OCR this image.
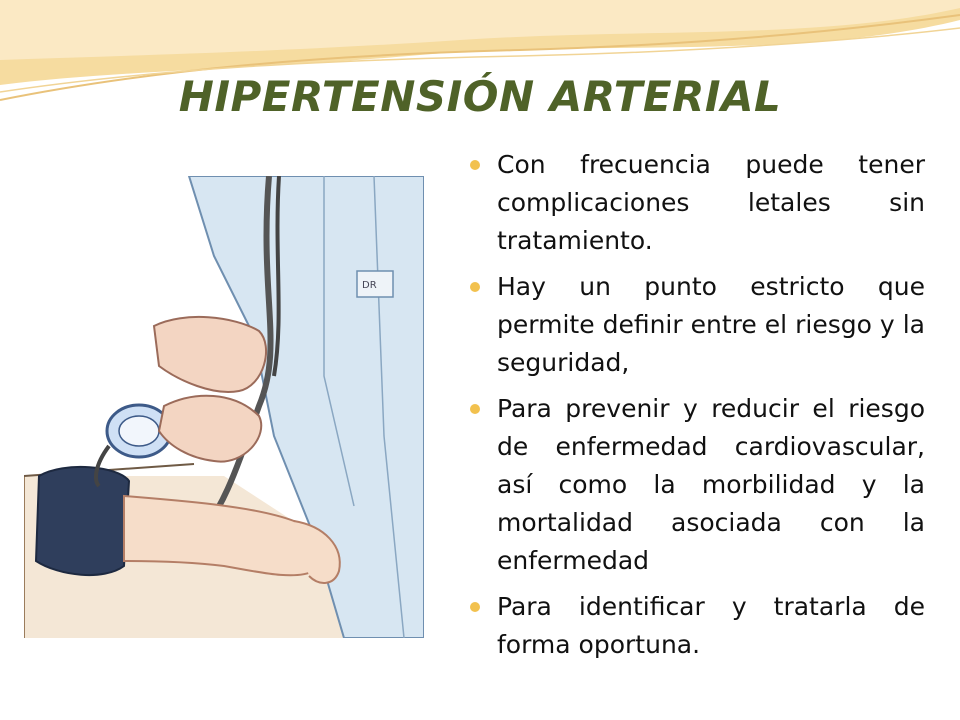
HIPERTENSIÓN ARTERIAL
DR
Con frecuencia puede tener complicaciones letales sin tratamiento.
Hay un punto estricto que permite definir entre el riesgo y la seguridad,
Para prevenir y reducir el riesgo de enfermedad cardiovascular, así como la morbilidad y la mortalidad asociada con la enfermedad
Para identificar y tratarla de forma oportuna.
